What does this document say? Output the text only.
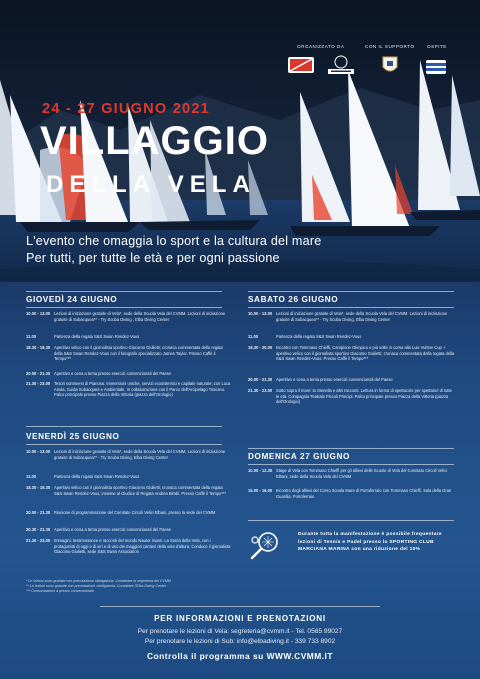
ORGANIZZATO DA	CON IL SUPPORTO	OSPITE
24 - 27 GIUGNO 2021
VILLAGGIO
DELLA VELA
L'evento che omaggia lo sport e la cultura del mare
Per tutti, per tutte le età e per ogni passione
GIOVEDÌ 24 GIUGNO
10.00 - 13.00 Lezioni di iniziazione gratuite di Vela*, sede della Scuola Vela del CVMM. Lezioni di iniziazione gratuite di Subacquea** - Try Scuba Diving , Elba Diving Center
11.00	Partenza della regata S&S Swan Rendez-Vous
18.30 - 19.30 Aperitivo velico con il giornalista sportivo Giacomo Giulietti; cronaca commentata della regata della S&S Swan Rendez-Vous con il fotografo specializzato James Taylor. Presso Caffè il Tempo***
20.00 - 21.30 Aperitivo e cena a tema presso esercizi convenzionati del Paese
21.30 - 23.00 Tesori sommersi di Pianosa. Immersioni uniche, servizi ecosistemici e capitale naturale; con Luca Airola, Guida Subacquea e Ambientale. In collaborazione con il Parco dell'Arcipelago Toscano. Palco principale presso Piazza della Vittoria (piazza dell'Orologio)
VENERDÌ 25 GIUGNO
10.00 - 13.00 Lezioni di iniziazione gratuite di Vela*, sede della Scuola Vela del CVMM. Lezioni di iniziazione gratuite di Subacquea** - Try Scuba Diving, Elba Diving Center
11.00	Partenza della regata S&S Swan Rendez-Vous
18.30 - 19.30 Aperitivo velico con il giornalista sportivo Giacomo Giulietti; cronaca commentata della regata S&S Swan Rendez-Vous, insieme al Giudice di Regata Andrea Bimbi. Presso Caffè il Tempo***
20.00 - 21.30 Riunione di programmazione del Comitato Circoli Velici Elbani, presso la sede del CVMM
20.30 - 21.30 Aperitivo e cena a tema presso esercizi convenzionati del Paese
21.30 - 23.00 Immagini, testimonianze e racconti del mondo Nautor Swan. La Storia della Vela, con i protagonisti di oggi e di ieri e di uno dei maggiori cantieri della vela d'altura. Conduce il giornalista Giacomo Giulietti, sede S&S Swan Association
* Le lezioni sono gratuite con prenotazione obbligatoria. Contattare la segreteria del CVMM
** Le lezioni sono gratuite con prenotazione obbligatoria. Contattare l'Elba Diving Center
*** Consumazione a prezzo convenzionato
SABATO 26 GIUGNO
10.00 - 13.00 Lezioni di iniziazione gratuite di Vela*, sede della Scuola Vela del CVMM. Lezioni di iniziazione gratuite di Subacquea** - Try Scuba Diving, Elba Diving Center
11.00	Partenza della regata S&S Swan Rendez-Vous
18.30 - 20.00 Incontro con Tommaso Chieffi, Campione Olimpico e più volte in corsa alla Luis Vuitton Cup + aperitivo velico con il giornalista sportivo Giacomo Giulietti; cronaca commentata della regata della S&S Swan Rendez-Vous. Presso Caffè il Tempo***
20.00 - 21.30 Aperitivo e cena a tema presso esercizi convenzionali del Paese
21.30 - 23.00 Sotto sopra il mare: la Stenella e altri racconti. Lettura in forma di spettacolo per spettatori di tutte le età. Compagnia Teatrale Piccoli Principi. Palco principale presso Piazza della Vittoria (piazza dell'Orologio)
DOMENICA 27 GIUGNO
10.00 - 12.30 Stage di Vela con Tommaso Chieffi per gli allievi delle Scuole di Vela del Comitato Circoli Velici Elbani, sede della Scuola Vela del CVMM
15.00 - 16.00 Incontro degli allievi del Corso Scuola Mare di Portoferraio con Tommaso Chieffi. Sala della Gran Guardia, Portoferraio
Durante tutta la manifestazione è possibile frequentare lezioni di Tennis e Padel presso lo SPORTING CLUB MARCIANA MARINA con una riduzione del 10%
PER INFORMAZIONI E PRENOTAZIONI
Per prenotare le lezioni di Vela: segreteria@cvmm.it - Tel. 0565 99027
Per prenotare le lezioni di Sub: info@elbadiving.it - 339 733 8902
Controlla il programma su WWW.CVMM.IT
